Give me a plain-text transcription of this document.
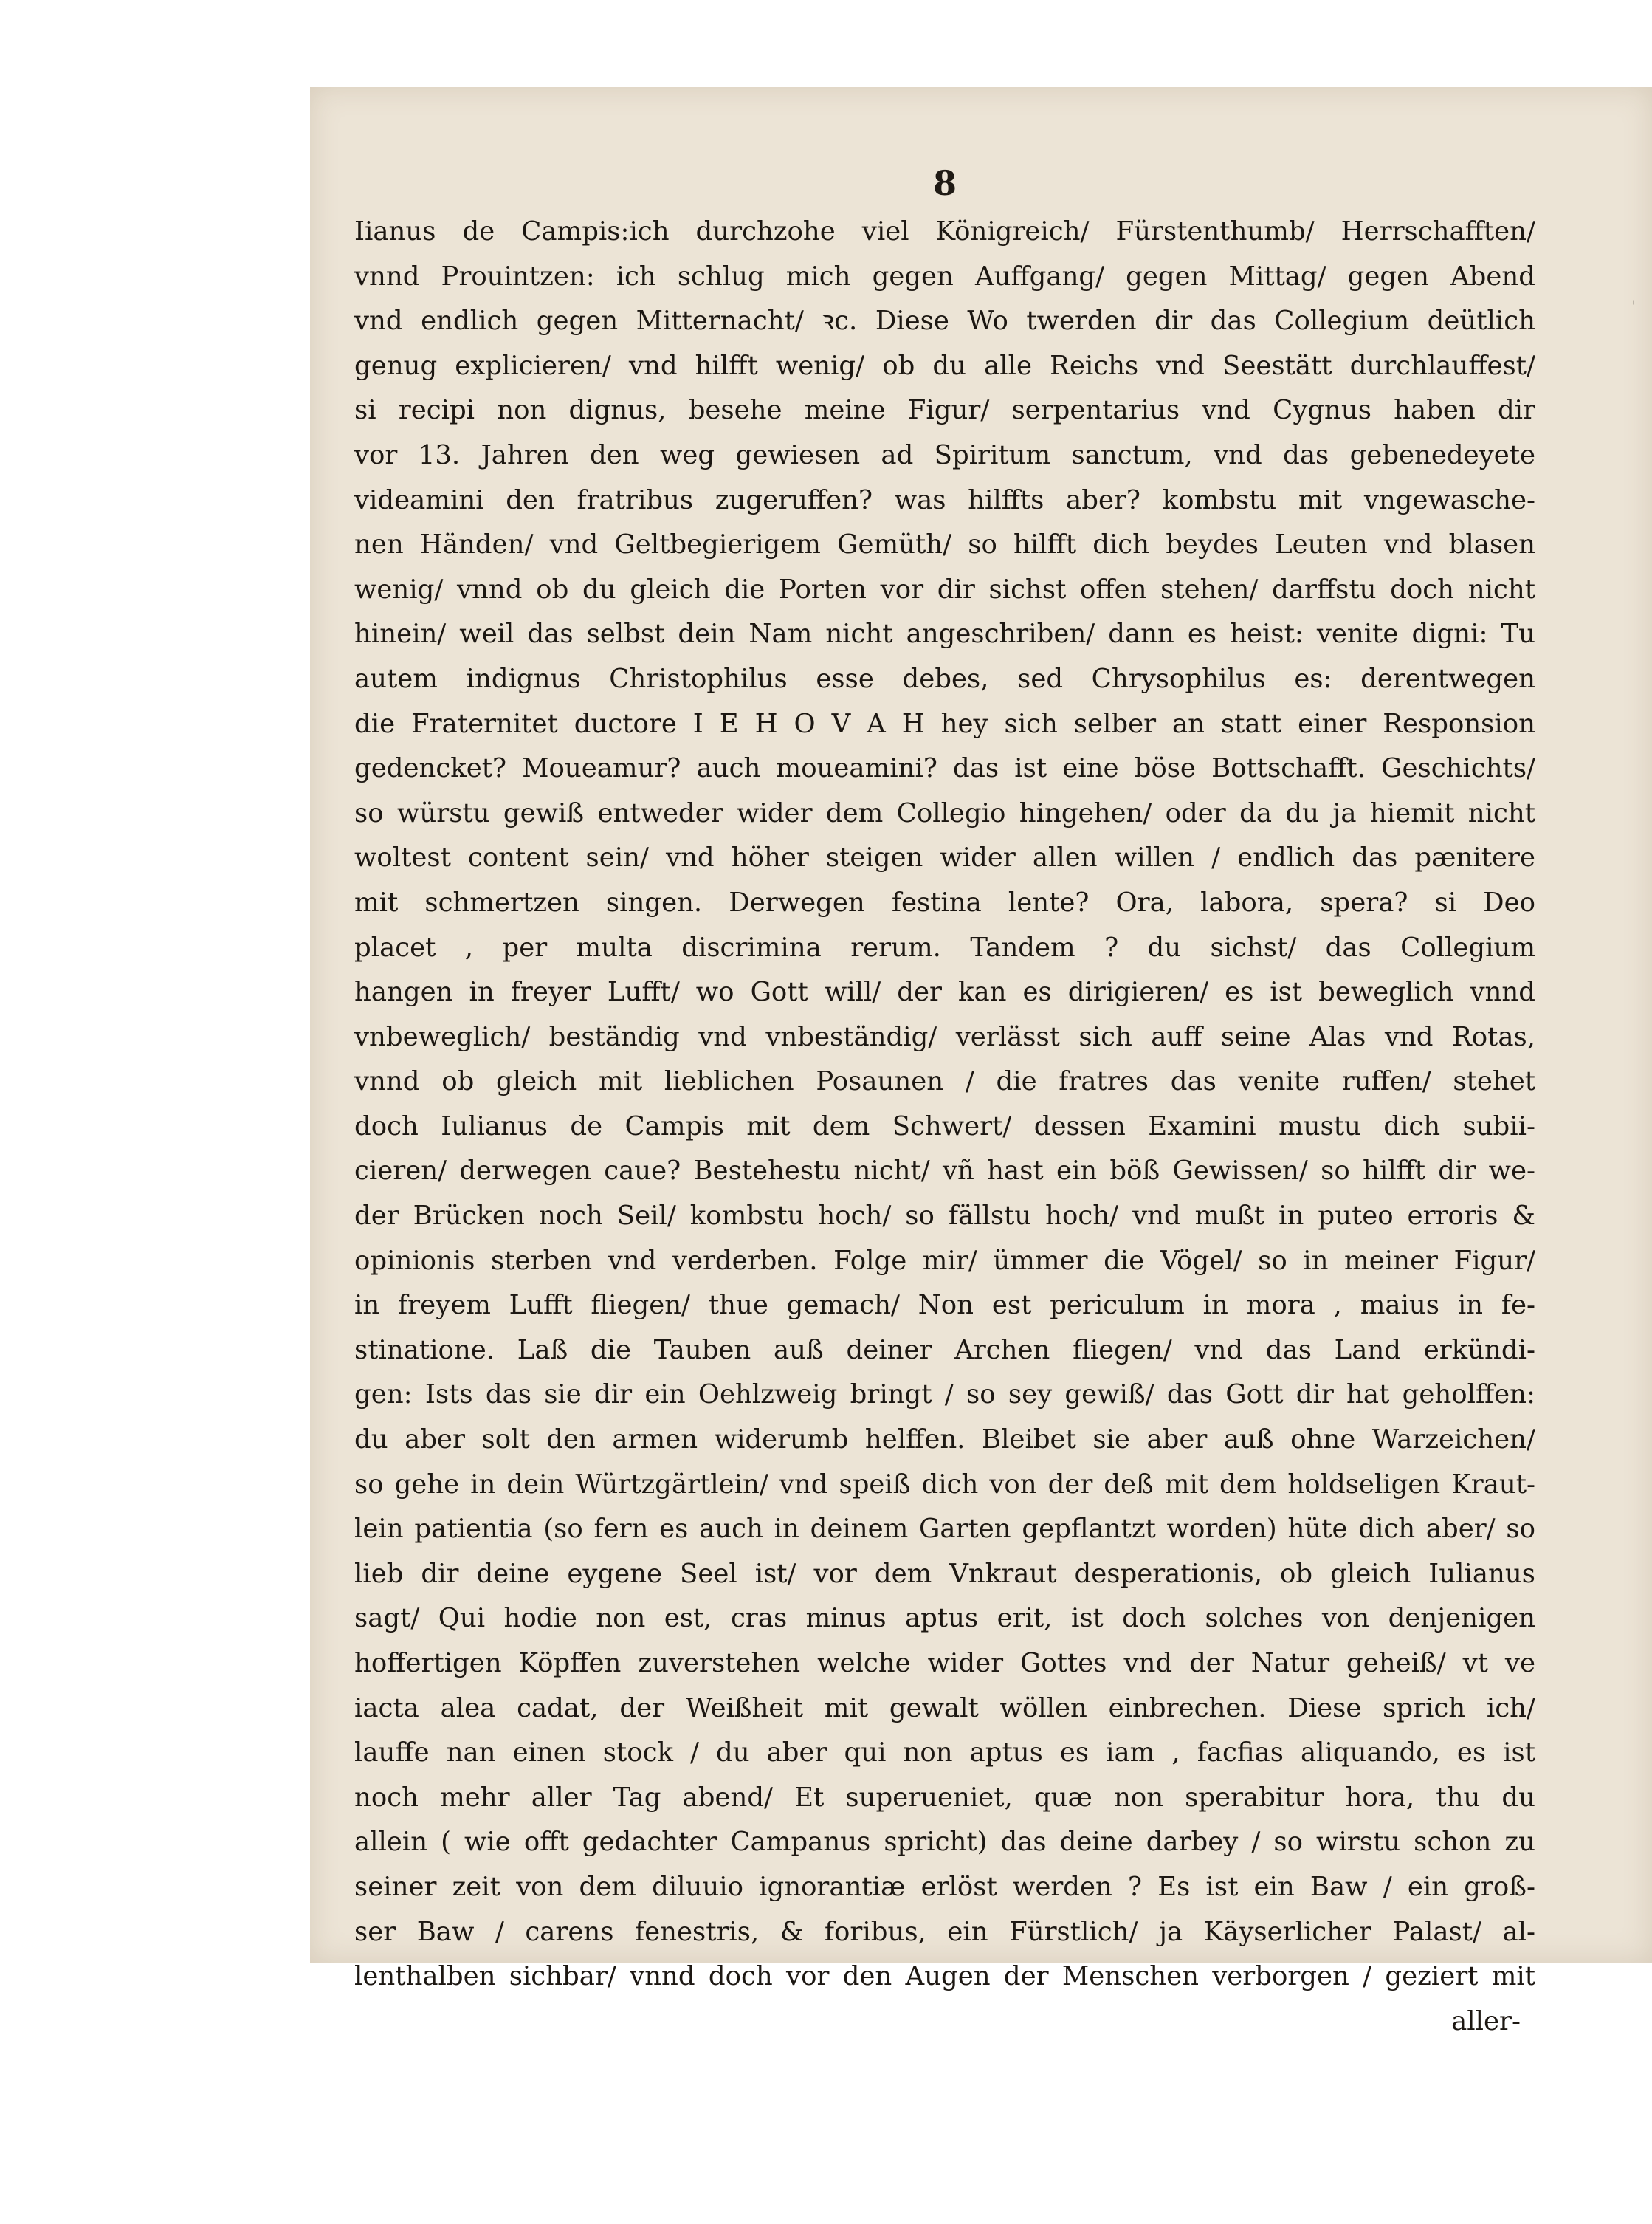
8
Iianus de Campis:ich durchzohe viel Königreich/ Fürstenthumb/ Herrschafften/
vnnd Prouintzen: ich schlug mich gegen Auffgang/ gegen Mittag/ gegen Abend
vnd endlich gegen Mitternacht/ ꝛc. Diese Wo twerden dir das Collegium deütlich
genug explicieren/ vnd hilfft wenig/ ob du alle Reichs vnd Seestätt durchlauffest/
si recipi non dignus, besehe meine Figur/ serpentarius vnd Cygnus haben dir
vor 13. Jahren den weg gewiesen ad Spiritum sanctum, vnd das gebenedeyete
videamini den fratribus zugeruffen? was hilffts aber? kombstu mit vngewasche-
nen Händen/ vnd Geltbegierigem Gemüth/ so hilfft dich beydes Leuten vnd blasen
wenig/ vnnd ob du gleich die Porten vor dir sichst offen stehen/ darffstu doch nicht
hinein/ weil das selbst dein Nam nicht angeschriben/ dann es heist: venite digni: Tu
autem indignus Christophilus esse debes, sed Chrysophilus es: derentwegen
die Fraternitet ductore I E H O V A H hey sich selber an statt einer Responsion
gedencket? Moueamur? auch moueamini? das ist eine böse Bottschafft. Geschichts/
so würstu gewiß entweder wider dem Collegio hingehen/ oder da du ja hiemit nicht
woltest content sein/ vnd höher steigen wider allen willen / endlich das pænitere
mit schmertzen singen. Derwegen festina lente? Ora, labora, spera? si Deo
placet , per multa discrimina rerum. Tandem ? du sichst/ das Collegium
hangen in freyer Lufft/ wo Gott will/ der kan es dirigieren/ es ist beweglich vnnd
vnbeweglich/ beständig vnd vnbeständig/ verlässt sich auff seine Alas vnd Rotas,
vnnd ob gleich mit lieblichen Posaunen / die fratres das venite ruffen/ stehet
doch Iulianus de Campis mit dem Schwert/ dessen Examini mustu dich subii-
cieren/ derwegen caue? Bestehestu nicht/ vñ hast ein böß Gewissen/ so hilfft dir we-
der Brücken noch Seil/ kombstu hoch/ so fällstu hoch/ vnd mußt in puteo erroris &
opinionis sterben vnd verderben. Folge mir/ ümmer die Vögel/ so in meiner Figur/
in freyem Lufft fliegen/ thue gemach/ Non est periculum in mora , maius in fe-
stinatione. Laß die Tauben auß deiner Archen fliegen/ vnd das Land erkündi-
gen: Ists das sie dir ein Oehlzweig bringt / so sey gewiß/ das Gott dir hat geholffen:
du aber solt den armen widerumb helffen. Bleibet sie aber auß ohne Warzeichen/
so gehe in dein Würtzgärtlein/ vnd speiß dich von der deß mit dem holdseligen Kraut-
lein patientia (so fern es auch in deinem Garten gepflantzt worden) hüte dich aber/ so
lieb dir deine eygene Seel ist/ vor dem Vnkraut desperationis, ob gleich Iulianus
sagt/ Qui hodie non est, cras minus aptus erit, ist doch solches von denjenigen
hoffertigen Köpffen zuverstehen welche wider Gottes vnd der Natur geheiß/ vt ve
iacta alea cadat, der Weißheit mit gewalt wöllen einbrechen. Diese sprich ich/
lauffe nan einen stock / du aber qui non aptus es iam , facfias aliquando, es ist
noch mehr aller Tag abend/ Et superueniet, quæ non sperabitur hora, thu du
allein ( wie offt gedachter Campanus spricht) das deine darbey / so wirstu schon zu
seiner zeit von dem diluuio ignorantiæ erlöst werden ? Es ist ein Baw / ein groß-
ser Baw / carens fenestris, & foribus, ein Fürstlich/ ja Käyserlicher Palast/ al-
lenthalben sichbar/ vnnd doch vor den Augen der Menschen verborgen / geziert mit
aller-
'
